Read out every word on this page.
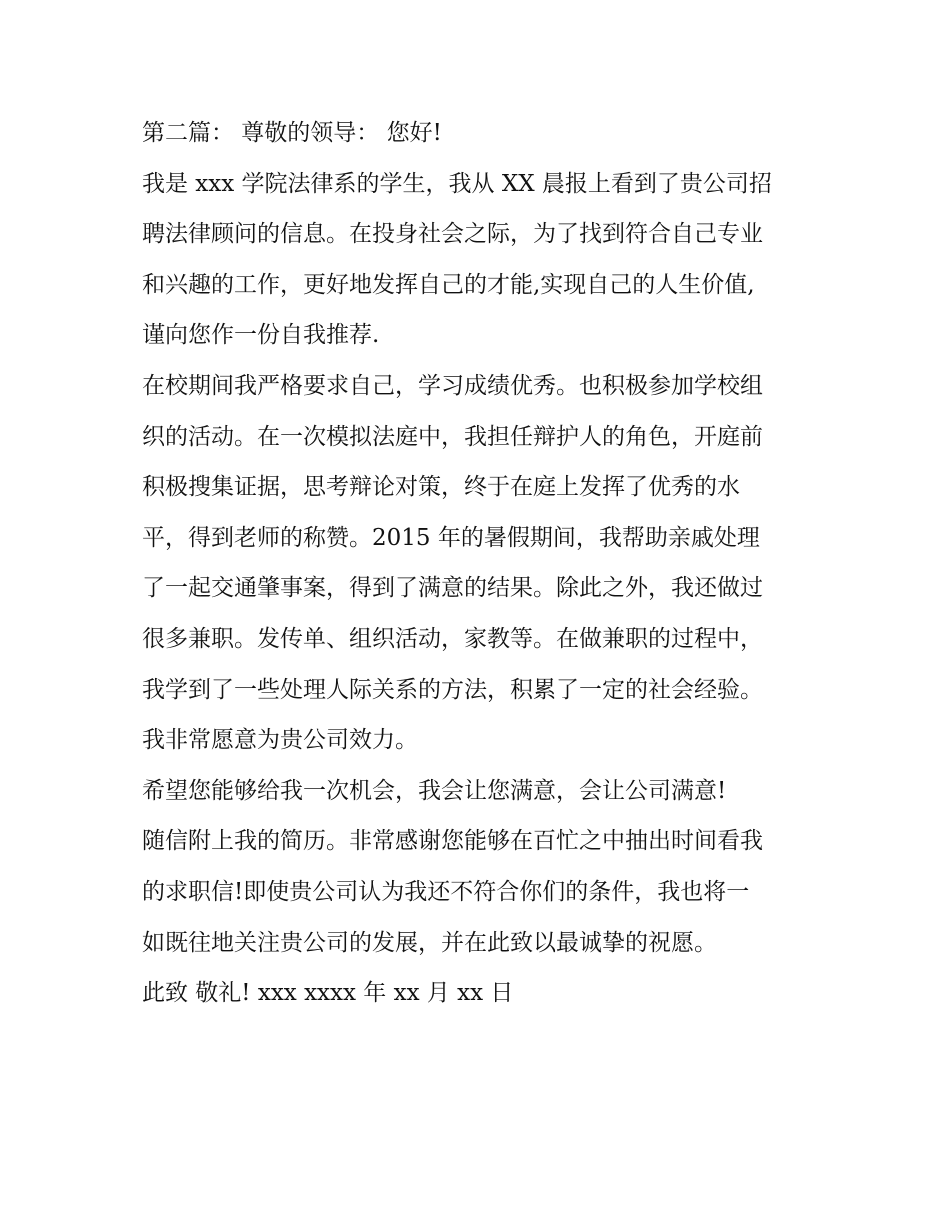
第二篇： 尊敬的领导： 您好!
我是 xxx 学院法律系的学生，我从 XX 晨报上看到了贵公司招
聘法律顾问的信息。在投身社会之际，为了找到符合自己专业
和兴趣的工作，更好地发挥自己的才能,实现自己的人生价值,
谨向您作一份自我推荐.
在校期间我严格要求自己，学习成绩优秀。也积极参加学校组
织的活动。在一次模拟法庭中，我担任辩护人的角色，开庭前
积极搜集证据，思考辩论对策，终于在庭上发挥了优秀的水
平，得到老师的称赞。2015 年的暑假期间，我帮助亲戚处理
了一起交通肇事案，得到了满意的结果。除此之外，我还做过
很多兼职。发传单、组织活动，家教等。在做兼职的过程中，
我学到了一些处理人际关系的方法，积累了一定的社会经验。
我非常愿意为贵公司效力。
希望您能够给我一次机会，我会让您满意，会让公司满意!
随信附上我的简历。非常感谢您能够在百忙之中抽出时间看我
的求职信!即使贵公司认为我还不符合你们的条件，我也将一
如既往地关注贵公司的发展，并在此致以最诚挚的祝愿。
此致 敬礼! xxx xxxx 年 xx 月 xx 日
